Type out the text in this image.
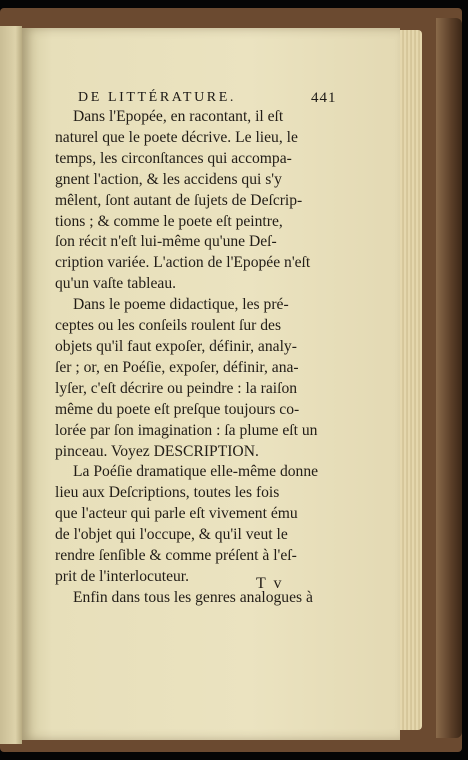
DE LITTÉRATURE.	441

Dans l'Epopée, en racontant, il eſt

naturel que le poete décrive. Le lieu, le

temps, les circonſtances qui accompa-

gnent l'action, & les accidens qui s'y

mêlent, ſont autant de ſujets de Deſcrip-

tions ; & comme le poete eſt peintre,

ſon récit n'eſt lui-même qu'une Deſ-

cription variée. L'action de l'Epopée n'eſt

qu'un vaſte tableau.

Dans le poeme didactique, les pré-

ceptes ou les conſeils roulent ſur des

objets qu'il faut expoſer, définir, analy-

ſer ; or, en Poéſie, expoſer, définir, ana-

lyſer, c'eſt décrire ou peindre : la raiſon

même du poete eſt preſque toujours co-

lorée par ſon imagination : ſa plume eſt un

pinceau. Voyez DESCRIPTION.

La Poéſie dramatique elle-même donne

lieu aux Deſcriptions, toutes les fois

que l'acteur qui parle eſt vivement ému

de l'objet qui l'occupe, & qu'il veut le

rendre ſenſible & comme préſent à l'eſ-

prit de l'interlocuteur.

Enfin dans tous les genres analogues à

T v
